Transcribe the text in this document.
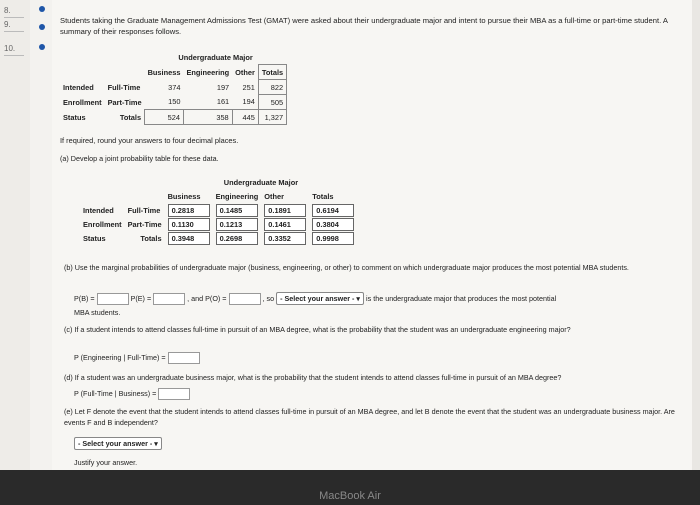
8.
9.
10.
Students taking the Graduate Management Admissions Test (GMAT) were asked about their undergraduate major and intent to pursue their MBA as a full-time or part-time student. A summary of their responses follows.
		Undergraduate Major			
		Business	Engineering	Other	Totals
Intended	Full-Time	374	197	251	822
Enrollment	Part-Time	150	161	194	505
Status	Totals	524	358	445	1,327
If required, round your answers to four decimal places.
(a) Develop a joint probability table for these data.
		Undergraduate Major			
		Business	Engineering	Other	Totals
Intended	Full-Time	0.2818	0.1485	0.1891	0.6194
Enrollment	Part-Time	0.1130	0.1213	0.1461	0.3804
Status	Totals	0.3948	0.2698	0.3352	0.9998
(b) Use the marginal probabilities of undergraduate major (business, engineering, or other) to comment on which undergraduate major produces the most potential MBA students.
P(B) =	P(E) =	, and P(O) =	, so - Select your answer - ▾ is the undergraduate major that produces the most potential
MBA students.
(c) If a student intends to attend classes full-time in pursuit of an MBA degree, what is the probability that the student was an undergraduate engineering major?
P (Engineering | Full-Time) =
(d) If a student was an undergraduate business major, what is the probability that the student intends to attend classes full-time in pursuit of an MBA degree?
P (Full-Time | Business) =
(e) Let F denote the event that the student intends to attend classes full-time in pursuit of an MBA degree, and let B denote the event that the student was an undergraduate business major. Are events F and B independent?
- Select your answer - ▾
Justify your answer.
MacBook Air
